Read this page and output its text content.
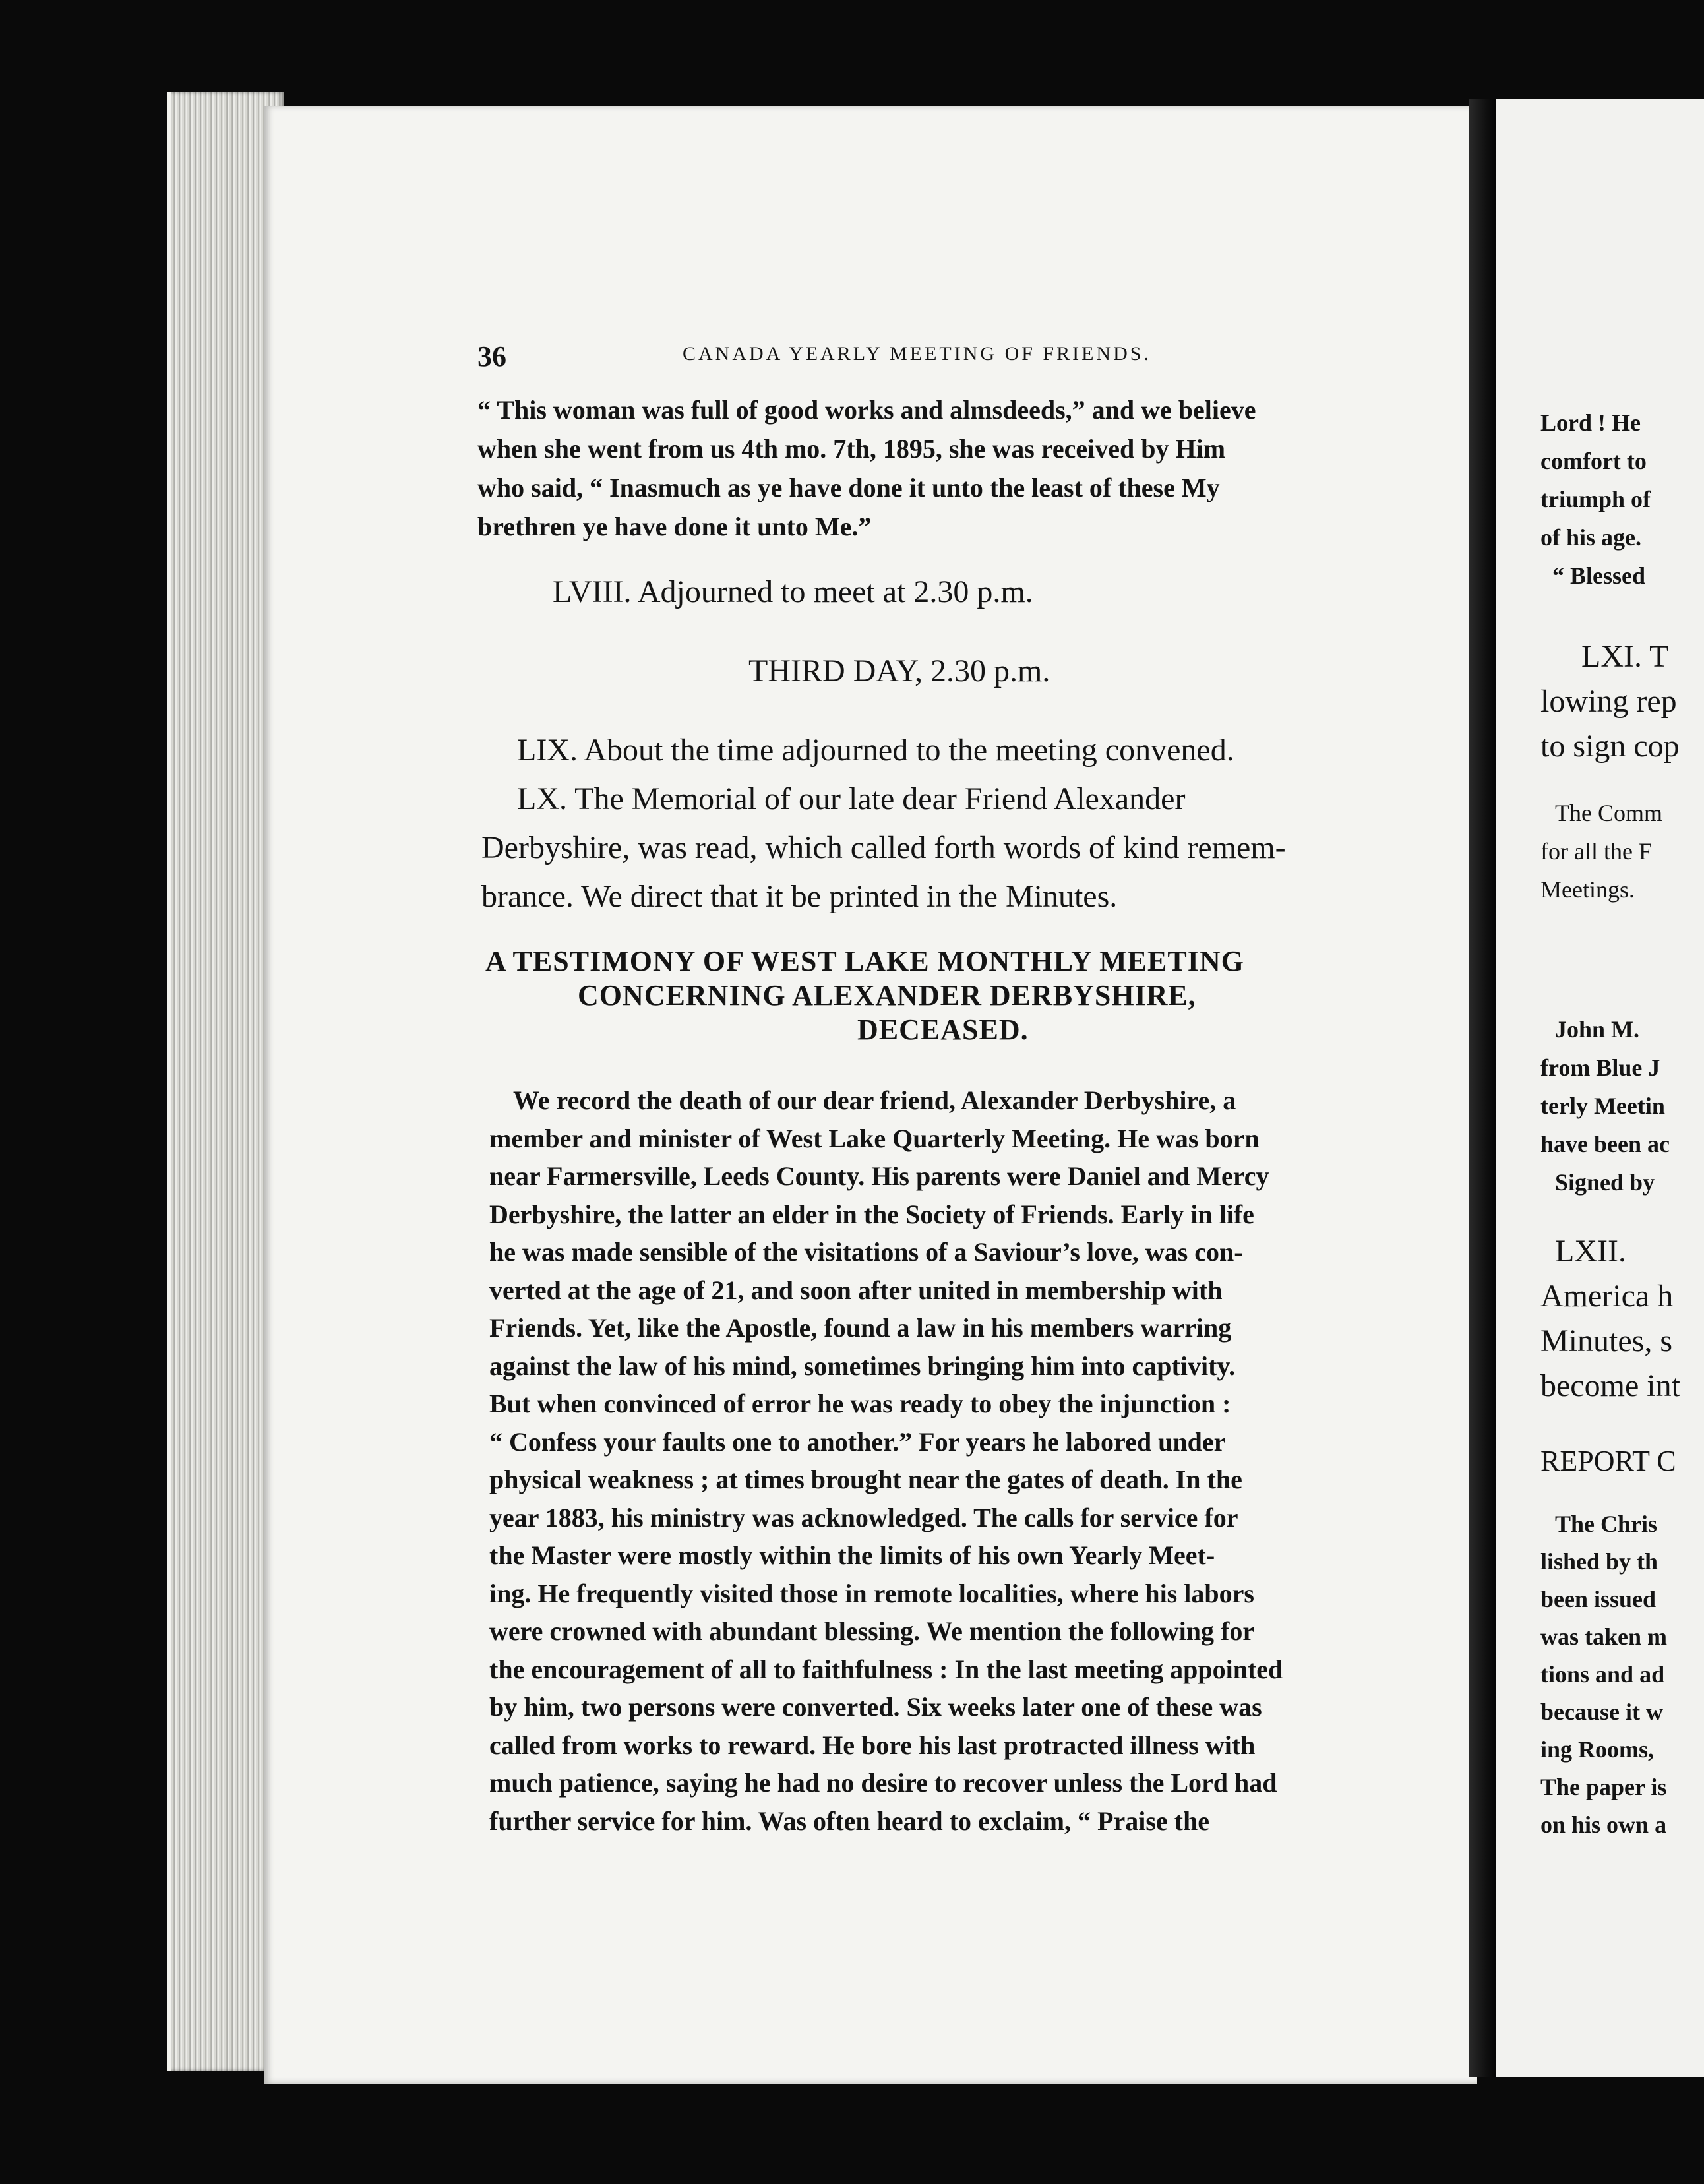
36	CANADA YEARLY MEETING OF FRIENDS.
“ This woman was full of good works and almsdeeds,” and we believe
when she went from us 4th mo. 7th, 1895, she was received by Him
who said, “ Inasmuch as ye have done it unto the least of these My
brethren ye have done it unto Me.”
LVIII. Adjourned to meet at 2.30 p.m.
THIRD DAY, 2.30 p.m.
LIX. About the time adjourned to the meeting convened.
LX. The Memorial of our late dear Friend Alexander
Derbyshire, was read, which called forth words of kind remem-
brance. We direct that it be printed in the Minutes.
A TESTIMONY OF WEST LAKE MONTHLY MEETING
CONCERNING ALEXANDER DERBYSHIRE,
DECEASED.
We record the death of our dear friend, Alexander Derbyshire, a
member and minister of West Lake Quarterly Meeting. He was born
near Farmersville, Leeds County. His parents were Daniel and Mercy
Derbyshire, the latter an elder in the Society of Friends. Early in life
he was made sensible of the visitations of a Saviour’s love, was con-
verted at the age of 21, and soon after united in membership with
Friends. Yet, like the Apostle, found a law in his members warring
against the law of his mind, sometimes bringing him into captivity.
But when convinced of error he was ready to obey the injunction :
“ Confess your faults one to another.” For years he labored under
physical weakness ; at times brought near the gates of death. In the
year 1883, his ministry was acknowledged. The calls for service for
the Master were mostly within the limits of his own Yearly Meet-
ing. He frequently visited those in remote localities, where his labors
were crowned with abundant blessing. We mention the following for
the encouragement of all to faithfulness : In the last meeting appointed
by him, two persons were converted. Six weeks later one of these was
called from works to reward. He bore his last protracted illness with
much patience, saying he had no desire to recover unless the Lord had
further service for him. Was often heard to exclaim, “ Praise the
Lord ! He
comfort to
triumph of
of his age.
“ Blessed
LXI. T
lowing rep
to sign cop
The Comm
for all the F
Meetings.
John M.
from Blue J
terly Meetin
have been ac
Signed by
LXII.
America h
Minutes, s
become int
REPORT C
The Chris
lished by th
been issued
was taken m
tions and ad
because it w
ing Rooms,
The paper is
on his own a
